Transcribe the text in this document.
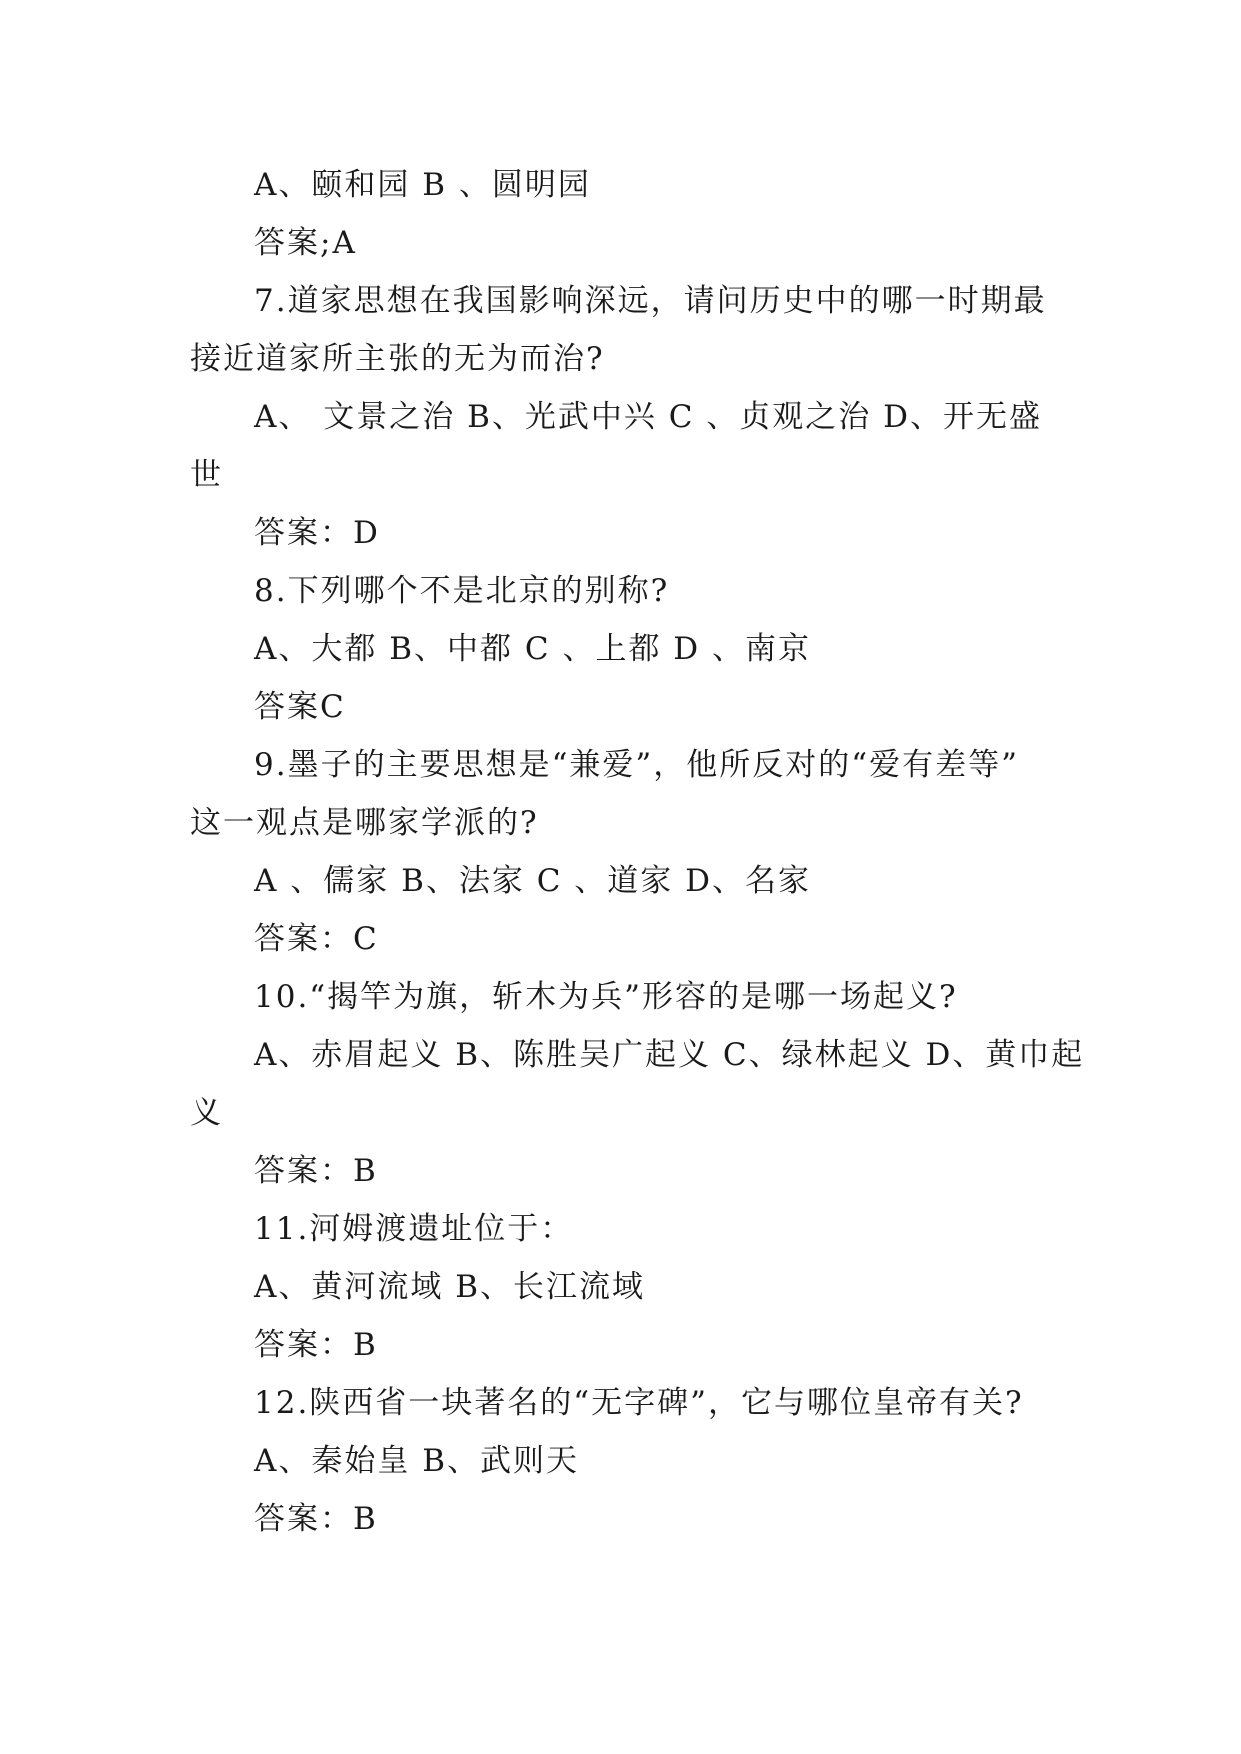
A、颐和园 B 、圆明园
答案;A
7.道家思想在我国影响深远，请问历史中的哪一时期最
接近道家所主张的无为而治?
A、 文景之治 B、光武中兴 C 、贞观之治 D、开无盛
世
答案：D
8.下列哪个不是北京的别称?
A、大都 B、中都 C 、上都 D 、南京
答案C
9.墨子的主要思想是“兼爱”，他所反对的“爱有差等”
这一观点是哪家学派的?
A 、儒家 B、法家 C 、道家 D、名家
答案：C
10.“揭竿为旗，斩木为兵”形容的是哪一场起义?
A、赤眉起义 B、陈胜吴广起义 C、绿林起义 D、黄巾起
义
答案：B
11.河姆渡遗址位于：
A、黄河流域 B、长江流域
答案：B
12.陕西省一块著名的“无字碑”，它与哪位皇帝有关?
A、秦始皇 B、武则天
答案：B
